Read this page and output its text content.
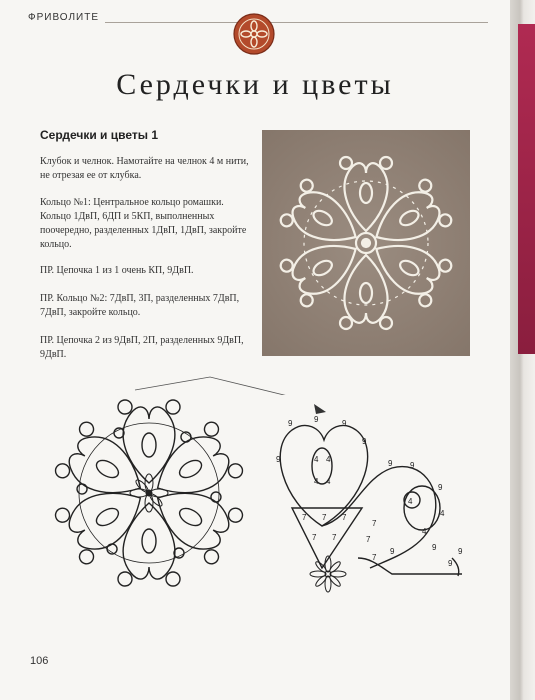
ФРИВОЛИТЕ
Сердечки и цветы
Сердечки и цветы 1
Клубок и челнок. Намотайте на челнок 4 м нити, не отрезая ее от клубка.
Кольцо №1: Центральное кольцо ромашки. Кольцо 1ДвП, 6ДП и 5КП, выполненных поочередно, разделенных 1ДвП, 1ДвП, закройте кольцо.
ПР. Цепочка 1 из 1 очень КП, 9ДвП.
ПР. Кольцо №2: 7ДвП, 3П, разделенных 7ДвП, 7ДвП, закройте кольцо.
ПР. Цепочка 2 из 9ДвП, 2П, разделенных 9ДвП, 9ДвП.
9	9	9
9
9	4 4
4 4
7 7 7
7 7
7
7
7
9 9
9
4
4
4
9
9
9	9
106
